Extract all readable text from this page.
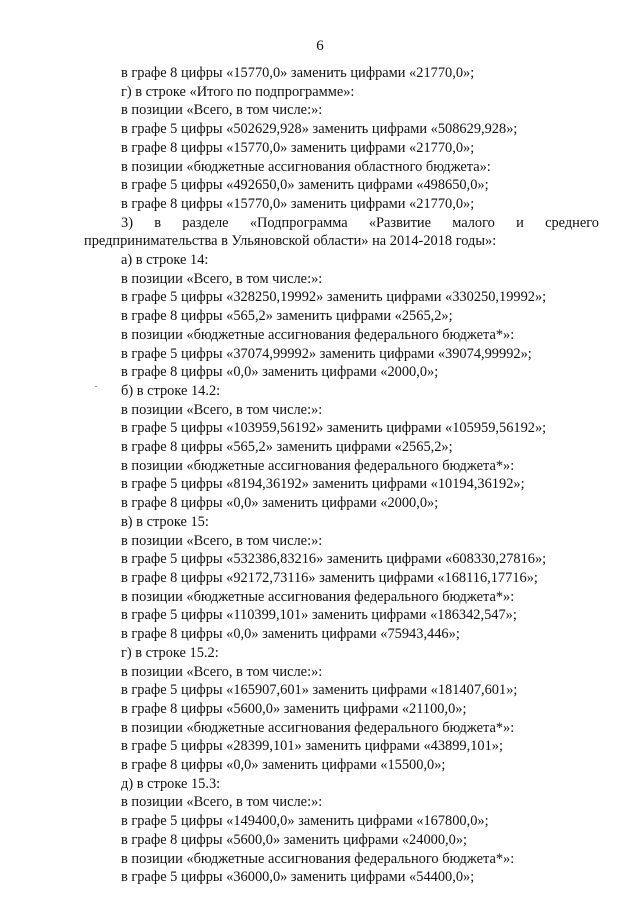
6
в графе 8 цифры «15770,0» заменить цифрами «21770,0»;
г) в строке «Итого по подпрограмме»:
в позиции «Всего, в том числе:»:
в графе 5 цифры «502629,928» заменить цифрами «508629,928»;
в графе 8 цифры «15770,0» заменить цифрами «21770,0»;
в позиции «бюджетные ассигнования областного бюджета»:
в графе 5 цифры «492650,0» заменить цифрами «498650,0»;
в графе 8 цифры «15770,0» заменить цифрами «21770,0»;
3) в разделе «Подпрограмма «Развитие малого и среднего
предпринимательства в Ульяновской области» на 2014-2018 годы»:
а) в строке 14:
в позиции «Всего, в том числе:»:
в графе 5 цифры «328250,19992» заменить цифрами «330250,19992»;
в графе 8 цифры «565,2» заменить цифрами «2565,2»;
в позиции «бюджетные ассигнования федерального бюджета*»:
в графе 5 цифры «37074,99992» заменить цифрами «39074,99992»;
в графе 8 цифры «0,0» заменить цифрами «2000,0»;
б) в строке 14.2:
в позиции «Всего, в том числе:»:
в графе 5 цифры «103959,56192» заменить цифрами «105959,56192»;
в графе 8 цифры «565,2» заменить цифрами «2565,2»;
в позиции «бюджетные ассигнования федерального бюджета*»:
в графе 5 цифры «8194,36192» заменить цифрами «10194,36192»;
в графе 8 цифры «0,0» заменить цифрами «2000,0»;
в) в строке 15:
в позиции «Всего, в том числе:»:
в графе 5 цифры «532386,83216» заменить цифрами «608330,27816»;
в графе 8 цифры «92172,73116» заменить цифрами «168116,17716»;
в позиции «бюджетные ассигнования федерального бюджета*»:
в графе 5 цифры «110399,101» заменить цифрами «186342,547»;
в графе 8 цифры «0,0» заменить цифрами «75943,446»;
г) в строке 15.2:
в позиции «Всего, в том числе:»:
в графе 5 цифры «165907,601» заменить цифрами «181407,601»;
в графе 8 цифры «5600,0» заменить цифрами «21100,0»;
в позиции «бюджетные ассигнования федерального бюджета*»:
в графе 5 цифры «28399,101» заменить цифрами «43899,101»;
в графе 8 цифры «0,0» заменить цифрами «15500,0»;
д) в строке 15.3:
в позиции «Всего, в том числе:»:
в графе 5 цифры «149400,0» заменить цифрами «167800,0»;
в графе 8 цифры «5600,0» заменить цифрами «24000,0»;
в позиции «бюджетные ассигнования федерального бюджета*»:
в графе 5 цифры «36000,0» заменить цифрами «54400,0»;
